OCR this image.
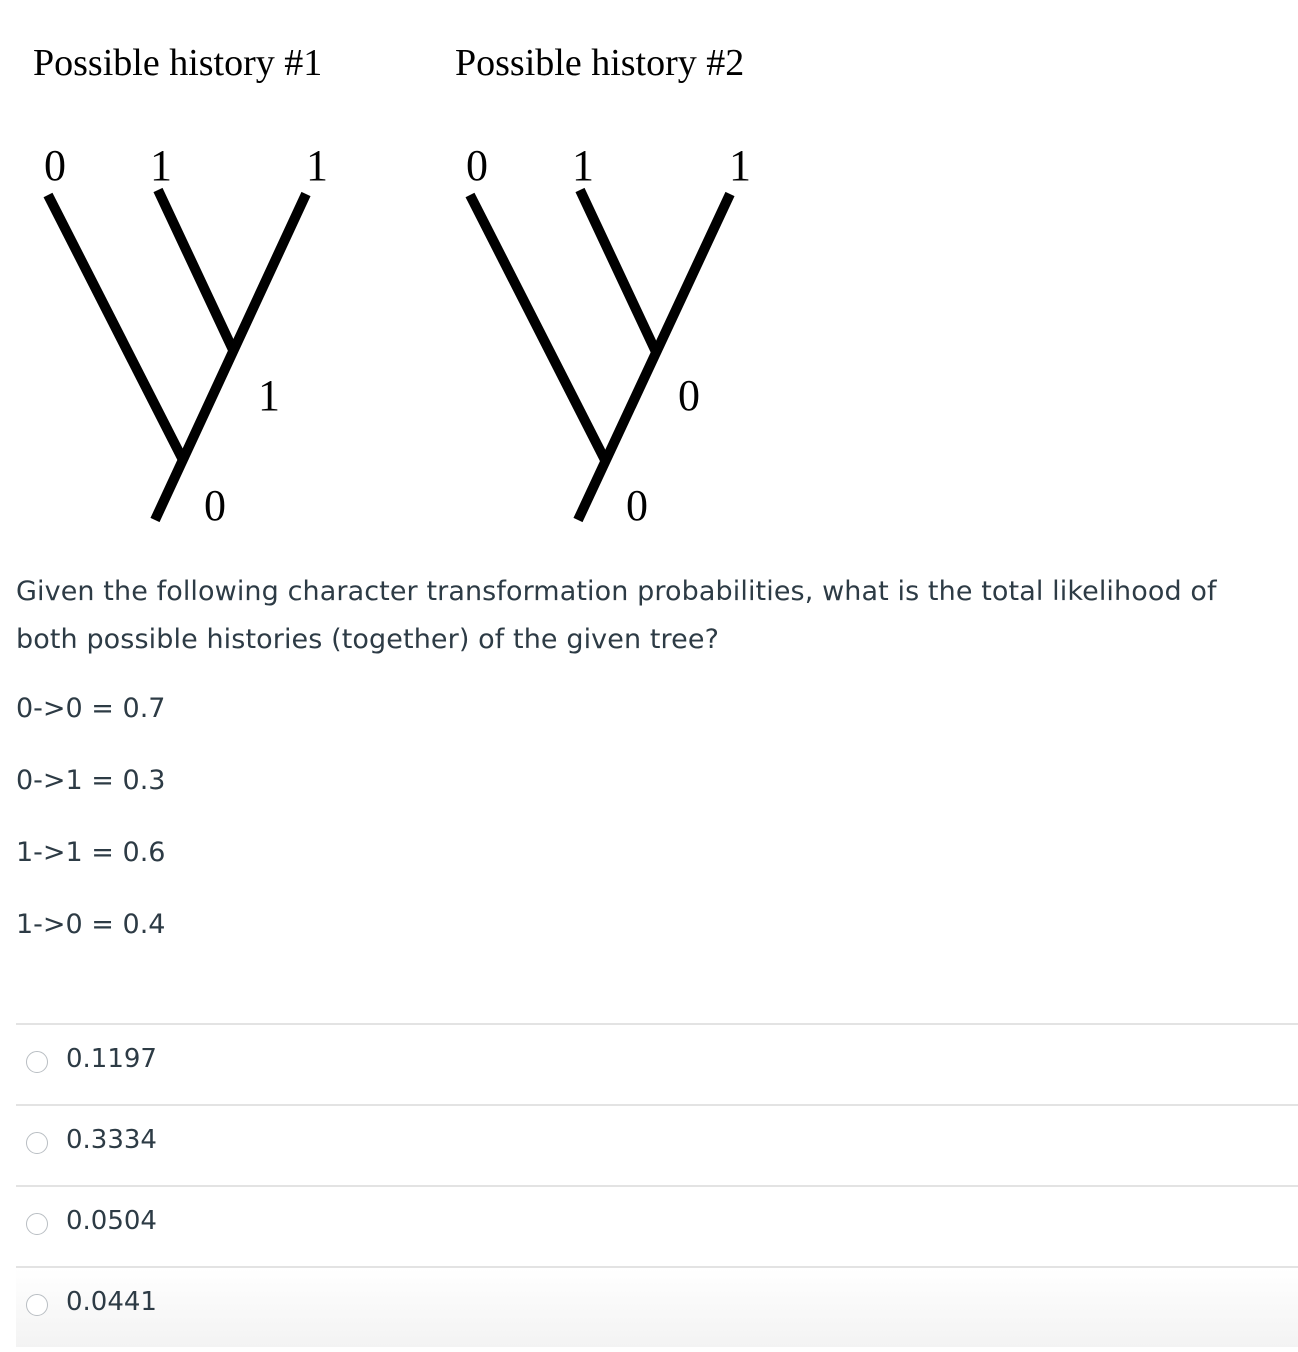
Possible history #1
0 1	1
1
0
Possible history #2
0 1	1
0
0
Given the following character transformation probabilities, what is the total likelihood of both possible histories (together) of the given tree?
0->0 = 0.7
0->1 = 0.3
1->1 = 0.6
1->0 = 0.4
0.1197
0.3334
0.0504
0.0441
